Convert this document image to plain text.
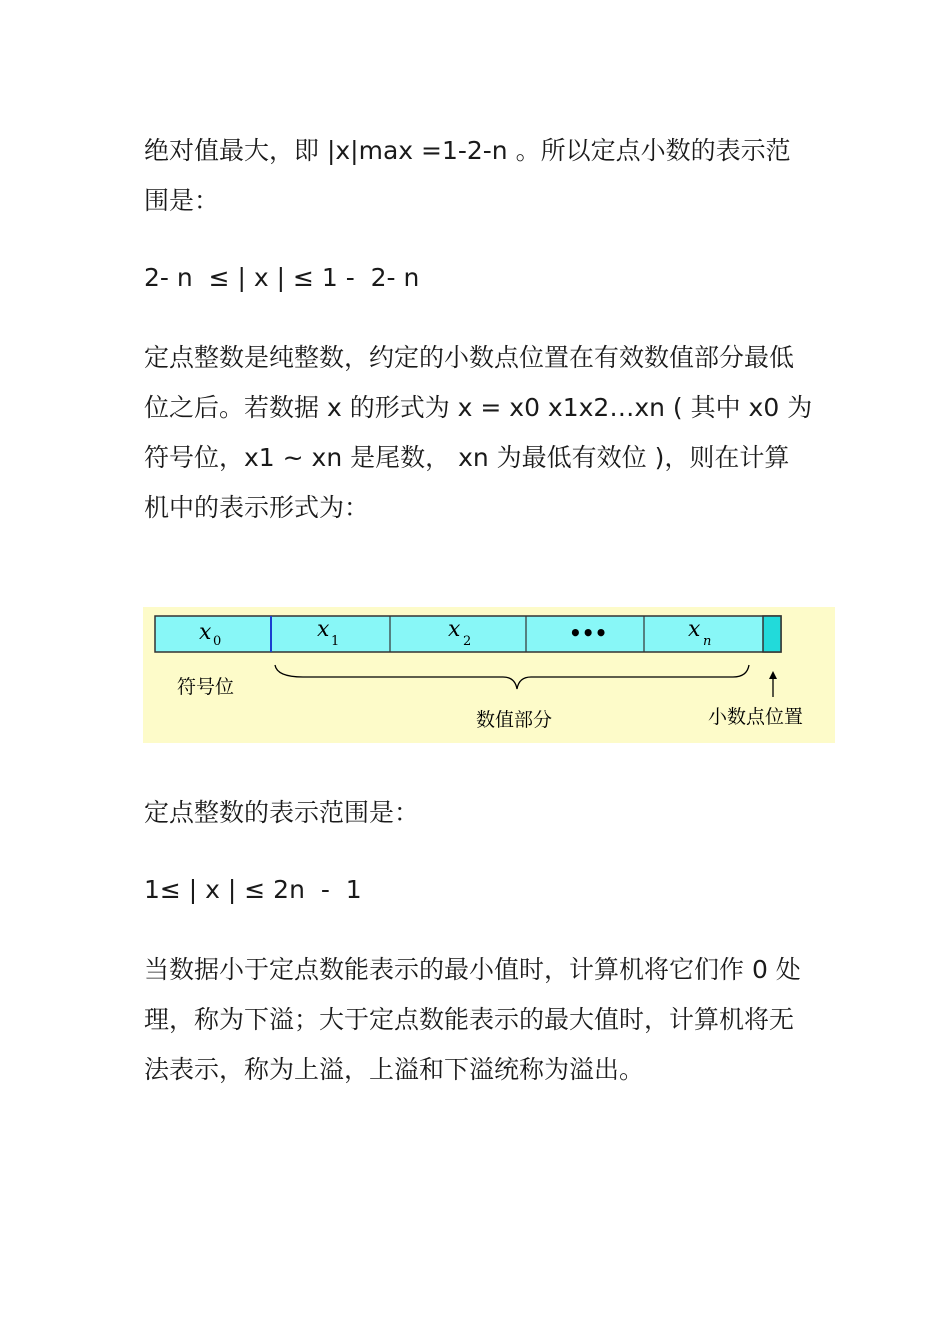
绝对值最大，即 |x|max =1-2-n 。所以定点小数的表示范围是：

2- n  ≤ | x | ≤ 1 -  2- n

定点整数是纯整数，约定的小数点位置在有效数值部分最低位之后。若数据 x 的形式为 x = x0 x1x2…xn ( 其中 x0 为符号位，x1 ~ xn 是尾数， xn 为最低有效位 )，则在计算机中的表示形式为：

x 0	x 1	x 2	•••	x n
符号位
数值部分	小数点位置

定点整数的表示范围是：

1≤ | x | ≤ 2n  -  1

当数据小于定点数能表示的最小值时，计算机将它们作 0 处理，称为下溢；大于定点数能表示的最大值时，计算机将无法表示，称为上溢，上溢和下溢统称为溢出。
